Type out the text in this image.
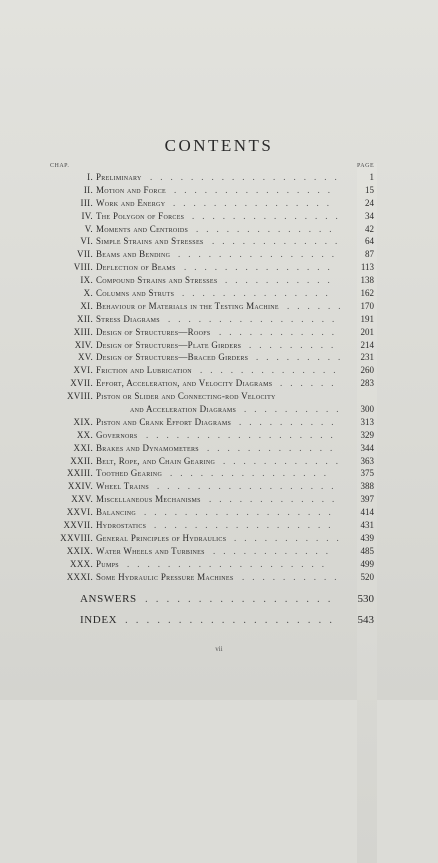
CONTENTS
CHAP.	PAGE
I. Preliminary	1
...................
II. Motion and Force	15
................
III. Work and Energy	24
................
IV. The Polygon of Forces	34
...............
V. Moments and Centroids	42
..............
VI. Simple Strains and Stresses	64
.............
VII. Beams and Bending	87
................
VIII. Deflection of Beams	113
...............
IX. Compound Strains and Stresses	138
...........
X. Columns and Struts	162
...............
XI. Behaviour of Materials in the Testing Machine	170
......
XII. Stress Diagrams	191
.................
XIII. Design of Structures—Roofs	201
............
XIV. Design of Structures—Plate Girders	214
.........
XV. Design of Structures—Braced Girders	231
.........
XVI. Friction and Lubrication	260
..............
XVII. Effort, Acceleration, and Velocity Diagrams	283
......
XVIII. Piston or Slider and Connecting-rod Velocity
and Acceleration Diagrams	300
..........
XIX. Piston and Crank Effort Diagrams	313
..........
XX. Governors	329
...................
XXI. Brakes and Dynamometers	344
.............
XXII. Belt, Rope, and Chain Gearing	363
............
XXIII. Toothed Gearing	375
................
XXIV. Wheel Trains	388
..................
XXV. Miscellaneous Mechanisms	397
.............
XXVI. Balancing	414
...................
XXVII. Hydrostatics	431
..................
XXVIII. General Principles of Hydraulics	439
...........
XXIX. Water Wheels and Turbines	485
............
XXX. Pumps	499
....................
XXXI. Some Hydraulic Pressure Machines	520
..........
ANSWERS	530
..................
INDEX	543
....................
vii
